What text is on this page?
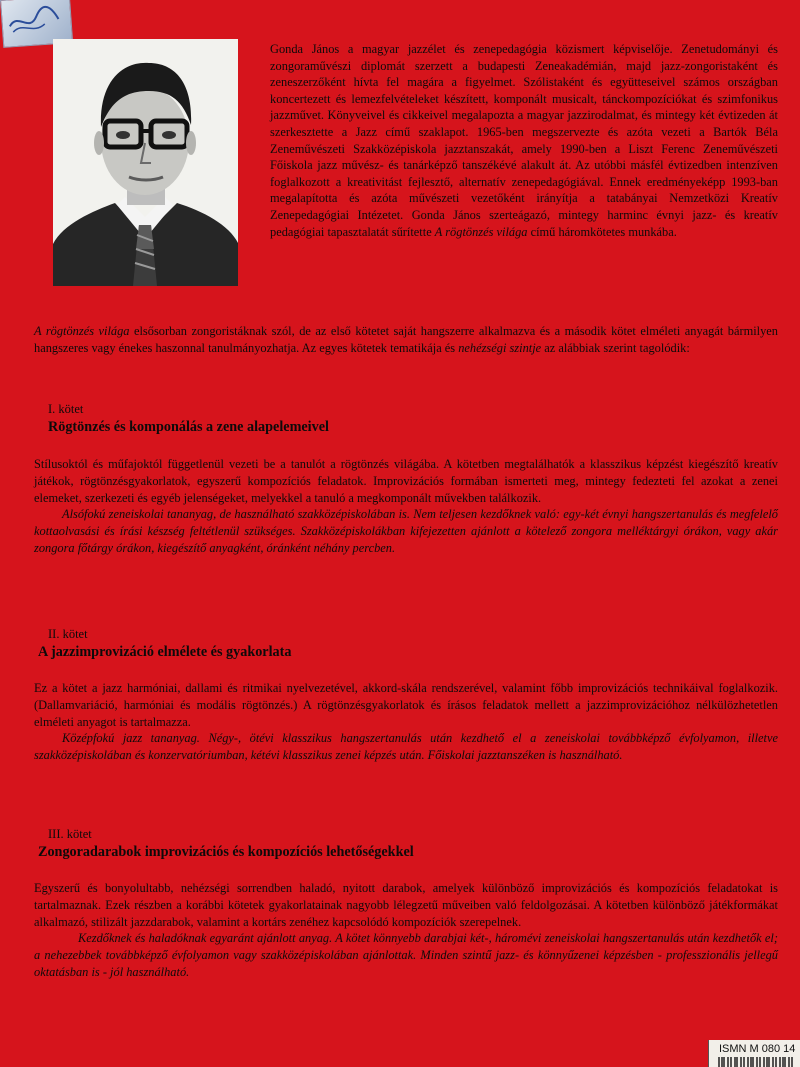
Gonda János a magyar jazzélet és zenepedagógia közismert képviselője. Zenetudományi és zongoraművészi diplomát szerzett a budapesti Zeneakadémián, majd jazz-zongoristaként és zeneszerzőként hívta fel magára a figyelmet. Szólistaként és együtteseivel számos országban koncertezett és lemezfelvételeket készített, komponált musicalt, tánckompozíciókat és szimfonikus jazzművet. Könyveivel és cikkeivel megalapozta a magyar jazzirodalmat, és mintegy két évtizeden át szerkesztette a Jazz című szaklapot. 1965-ben megszervezte és azóta vezeti a Bartók Béla Zeneművészeti Szakközépiskola jazztanszakát, amely 1990-ben a Liszt Ferenc Zeneművészeti Főiskola jazz művész- és tanárképző tanszékévé alakult át. Az utóbbi másfél évtizedben intenzíven foglalkozott a kreativitást fejlesztő, alternatív zenepedagógiával. Ennek eredményeképp 1993-ban megalapította és azóta művészeti vezetőként irányítja a tatabányai Nemzetközi Kreatív Zenepedagógiai Intézetet. Gonda János szerteágazó, mintegy harminc évnyi jazz- és kreatív pedagógiai tapasztalatát sűrítette A rögtönzés világa című háromkötetes munkába.

A rögtönzés világa elsősorban zongoristáknak szól, de az első kötetet saját hangszerre alkalmazva és a második kötet elméleti anyagát bármilyen hangszeres vagy énekes haszonnal tanulmányozhatja. Az egyes kötetek tematikája és nehézségi szintje az alábbiak szerint tagolódik:

I. kötet
Rögtönzés és komponálás a zene alapelemeivel

Stílusoktól és műfajoktól függetlenül vezeti be a tanulót a rögtönzés világába. A kötetben megtalálhatók a klasszikus képzést kiegészítő kreatív játékok, rögtönzésgyakorlatok, egyszerű kompozíciós feladatok. Improvizációs formában ismerteti meg, mintegy fedezteti fel azokat a zenei elemeket, szerkezeti és egyéb jelenségeket, melyekkel a tanuló a megkomponált művekben találkozik.

Alsófokú zeneiskolai tananyag, de használható szakközépiskolában is. Nem teljesen kezdőknek való: egy-két évnyi hangszertanulás és megfelelő kottaolvasási és írási készség feltétlenül szükséges. Szakközépiskolákban kifejezetten ajánlott a kötelező zongora melléktárgyi órákon, vagy akár zongora főtárgy órákon, kiegészítő anyagként, óránként néhány percben.

II. kötet
A jazzimprovizáció elmélete és gyakorlata

Ez a kötet a jazz harmóniai, dallami és ritmikai nyelvezetével, akkord-skála rendszerével, valamint főbb improvizációs technikáival foglalkozik. (Dallamvariáció, harmóniai és modális rögtönzés.) A rögtönzésgyakorlatok és írásos feladatok mellett a jazzimprovizációhoz nélkülözhetetlen elméleti anyagot is tartalmazza.

Középfokú jazz tananyag. Négy-, ötévi klasszikus hangszertanulás után kezdhető el a zeneiskolai továbbképző évfolyamon, illetve szakközépiskolában és konzervatóriumban, kétévi klasszikus zenei képzés után. Főiskolai jazztanszéken is használható.

III. kötet
Zongoradarabok improvizációs és kompozíciós lehetőségekkel

Egyszerű és bonyolultabb, nehézségi sorrendben haladó, nyitott darabok, amelyek különböző improvizációs és kompozíciós feladatokat is tartalmaznak. Ezek részben a korábbi kötetek gyakorlatainak nagyobb lélegzetű műveiben való feldolgozásai. A kötetben különböző játékformákat alkalmazó, stilizált jazzdarabok, valamint a kortárs zenéhez kapcsolódó kompozíciók szerepelnek.

Kezdőknek és haladóknak egyaránt ajánlott anyag. A kötet könnyebb darabjai két-, háromévi zeneiskolai hangszertanulás után kezdhetők el; a nehezebbek továbbképző évfolyamon vagy szakközépiskolában ajánlottak. Minden szintű jazz- és könnyűzenei képzésben - professzionális jellegű oktatásban is - jól használható.

ISMN M 080 14
